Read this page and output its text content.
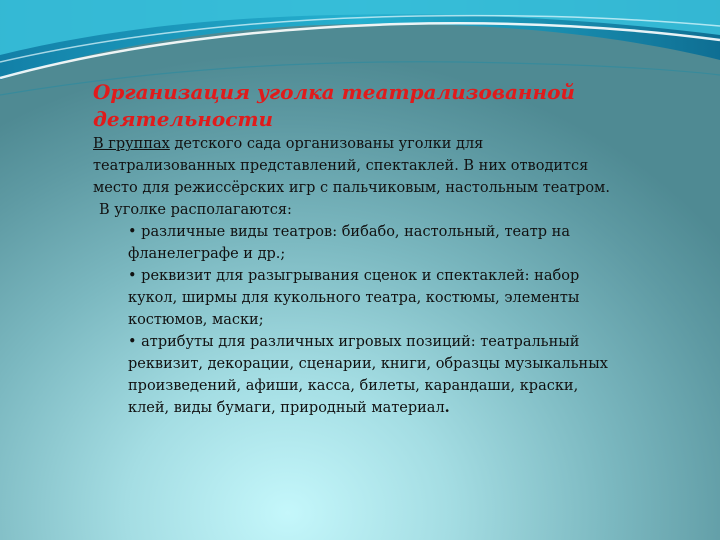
Организация уголка театрализованной
деятельности

В группах детского сада организованы уголки для театрализованных представлений, спектаклей. В них отводится место для режиссёрских игр с пальчиковым, настольным театром.

В уголке располагаются:

• различные виды театров: бибабо, настольный, театр на фланелеграфе и др.;
• реквизит для разыгрывания сценок и спектаклей: набор кукол, ширмы для кукольного театра, костюмы, элементы костюмов, маски;
• атрибуты для различных игровых позиций: театральный реквизит, декорации, сценарии, книги, образцы музыкальных произведений, афиши, касса, билеты, карандаши, краски, клей, виды бумаги, природный материал.
